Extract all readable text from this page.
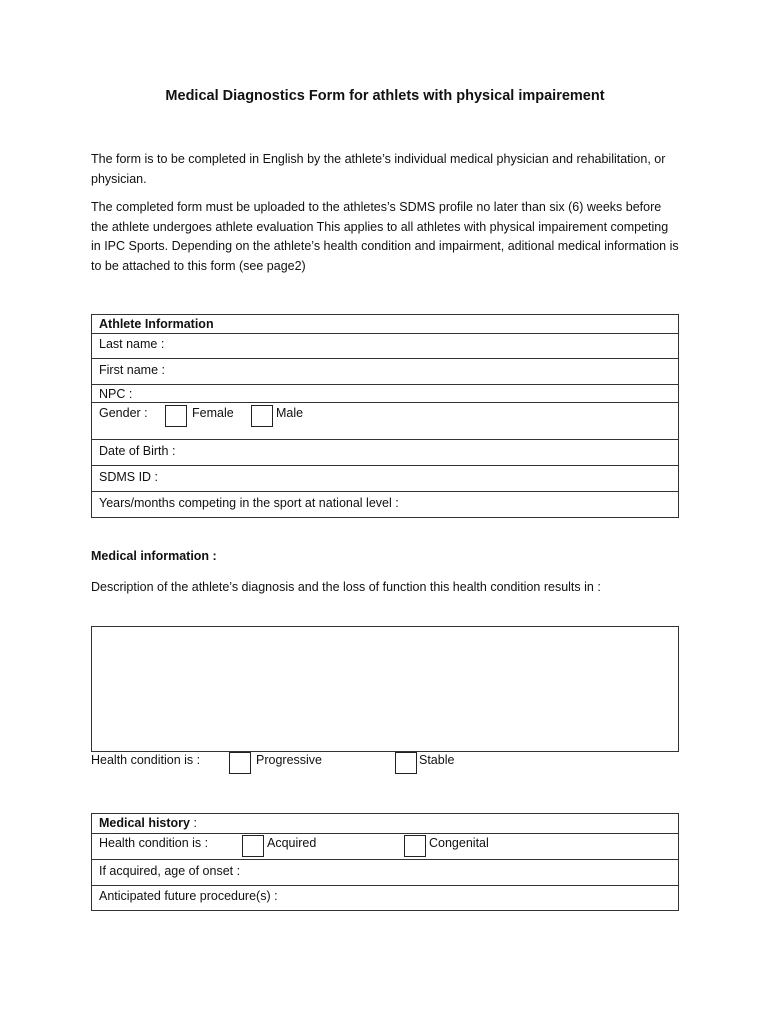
Medical Diagnostics Form for athlets with physical impairement

The form is to be completed in English by the athlete’s individual medical physician and rehabilitation, or physician.

The completed form must be uploaded to the athletes’s SDMS profile no later than six (6) weeks before the athlete undergoes athlete evaluation This applies to all athletes with physical impairement competing in IPC Sports. Depending on the athlete’s health condition and impairment, aditional medical information is to be attached to this form (see page2)

Athlete Information
Last name :
First name :
NPC :
Gender :	Female	Male
Date of Birth :
SDMS ID :
Years/months competing in the sport at national level :
Medical information :

Description of the athlete’s diagnosis and the loss of function this health condition results in :

Health condition is :	Progressive	Stable
Medical history :
Health condition is :	Acquired	Congenital
If acquired, age of onset :
Anticipated future procedure(s) :
